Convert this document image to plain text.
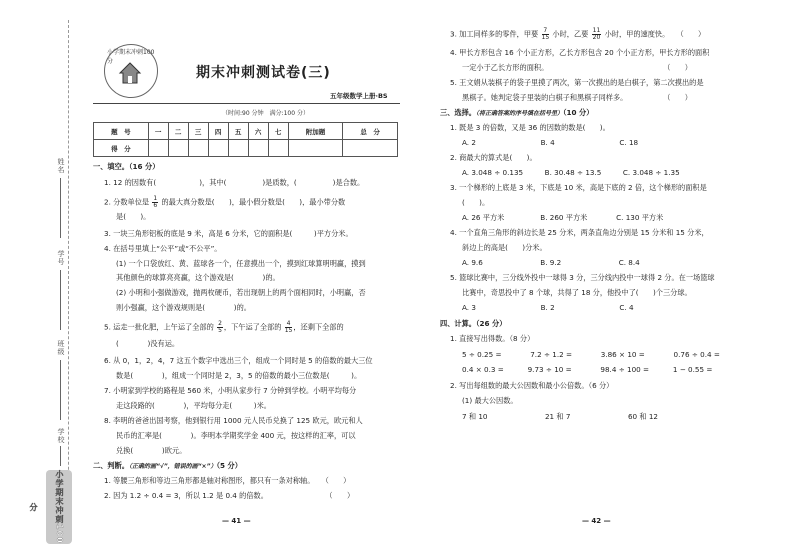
姓名
学号
班级
学校
小学期末冲刺100分
小学期末冲刺100分
期末冲刺测试卷(三)
五年级数学上册·BS
（时间:90 分钟　满分:100 分）
题　号	一	二	三	四	五	六	七	附加题	总　分
得　分									
一、填空。（16 分）
1. 12 的因数有(　　　　　　)，其中(　　　　　)是质数，(　　　　　)是合数。
2. 分数单位是 $\frac{1}{6}$ 的最大真分数是(　　)，最小假分数是(　　)，最小带分数
是(　　)。
3. 一块三角形铝板的底是 9 米，高是 6 分米，它的面积是(　　　)平方分米。
4. 在括号里填上“公平”或“不公平”。
(1) 一个口袋放红、黄、蓝球各一个，任意摸出一个，摸到红球算明明赢，摸到
其他颜色的球算亮亮赢，这个游戏是(　　　　)的。
(2) 小明和小强做游戏，抛两枚硬币，若出现朝上的两个面相同时，小明赢，否
则小强赢，这个游戏规则是(　　　　)的。
5. 运走一批化肥，上午运了全部的 $\frac{2}{5}$ ，下午运了全部的 $\frac{4}{15}$ ，还剩下全部的
(　　　　)没有运。
6. 从 0，1，2，4，7 这五个数字中选出三个，组成一个同时是 5 的倍数的最大三位
数是(　　　　)，组成一个同时是 2，3，5 的倍数的最小三位数是(　　　)。
7. 小明家到学校的路程是 560 米，小明从家步行 7 分钟到学校。小明平均每分
走这段路的(　　　　)，平均每分走(　　　)米。
8. 李明的爸爸出国考察，他到银行用 1000 元人民币兑换了 125 欧元，欧元和人
民币的汇率是(　　　　)。李明本学期奖学金 400 元，按这样的汇率，可以
兑换(　　　　)欧元。
二、判断。（正确的画“√”，错误的画“×”）（5 分）
1. 等腰三角形和等边三角形都是轴对称图形，都只有一条对称轴。　　（　　）
2. 因为 1.2 ÷ 0.4 = 3，所以 1.2 是 0.4 的倍数。　　　　　　　　　（　　）
— 41 —
3. 加工同样多的零件，甲要 $\frac{7}{15}$ 小时，乙要 $\frac{11}{20}$ 小时，甲的速度快。　　（　　）
4. 甲长方形包含 16 个小正方形，乙长方形包含 20 个小正方形，甲长方形的面积
一定小于乙长方形的面积。　　　　　　　　　　　　　　　　　（　　）
5. 王文娟从装棋子的袋子里摸了两次，第一次摸出的是白棋子，第二次摸出的是
黑棋子。她判定袋子里装的白棋子和黑棋子同样多。　　　　　　（　　）
三、选择。（将正确答案的序号填在括号里）（10 分）
1. 既是 3 的倍数，又是 36 的因数的数是(　　)。
A. 2　　　　　　　　　B. 4　　　　　　　　　C. 18
2. 商最大的算式是(　　)。
A. 3.048 ÷ 0.135　　　B. 30.48 ÷ 13.5　　　C. 3.048 ÷ 1.35
3. 一个梯形的上底是 3 米，下底是 10 米，高是下底的 2 倍，这个梯形的面积是
(　　)。
A. 26 平方米　　　　　B. 260 平方米　　　　C. 130 平方米
4. 一个直角三角形的斜边长是 25 分米，两条直角边分别是 15 分米和 15 分米，
斜边上的高是(　　)分米。
A. 9.6　　　　　　　　B. 9.2　　　　　　　　C. 8.4
5. 篮球比赛中，三分线外投中一球得 3 分，三分线内投中一球得 2 分。在一场篮球
比赛中，奇思投中了 8 个球，共得了 18 分，他投中了(　　)个三分球。
A. 3　　　　　　　　　B. 2　　　　　　　　　C. 4
四、计算。（26 分）
1. 直接写出得数。（8 分）
5 ÷ 0.25 =　　　　7.2 ÷ 1.2 =　　　　3.86 × 10 =　　　　0.76 ÷ 0.4 =
0.4 × 0.3 =　　　 9.73 ÷ 10 =　　　　98.4 ÷ 100 =　　　 1 − 0.55 =
2. 写出每组数的最大公因数和最小公倍数。（6 分）
(1) 最大公因数。
7 和 10　　　　　　　　21 和 7　　　　　　　　60 和 12
— 42 —
